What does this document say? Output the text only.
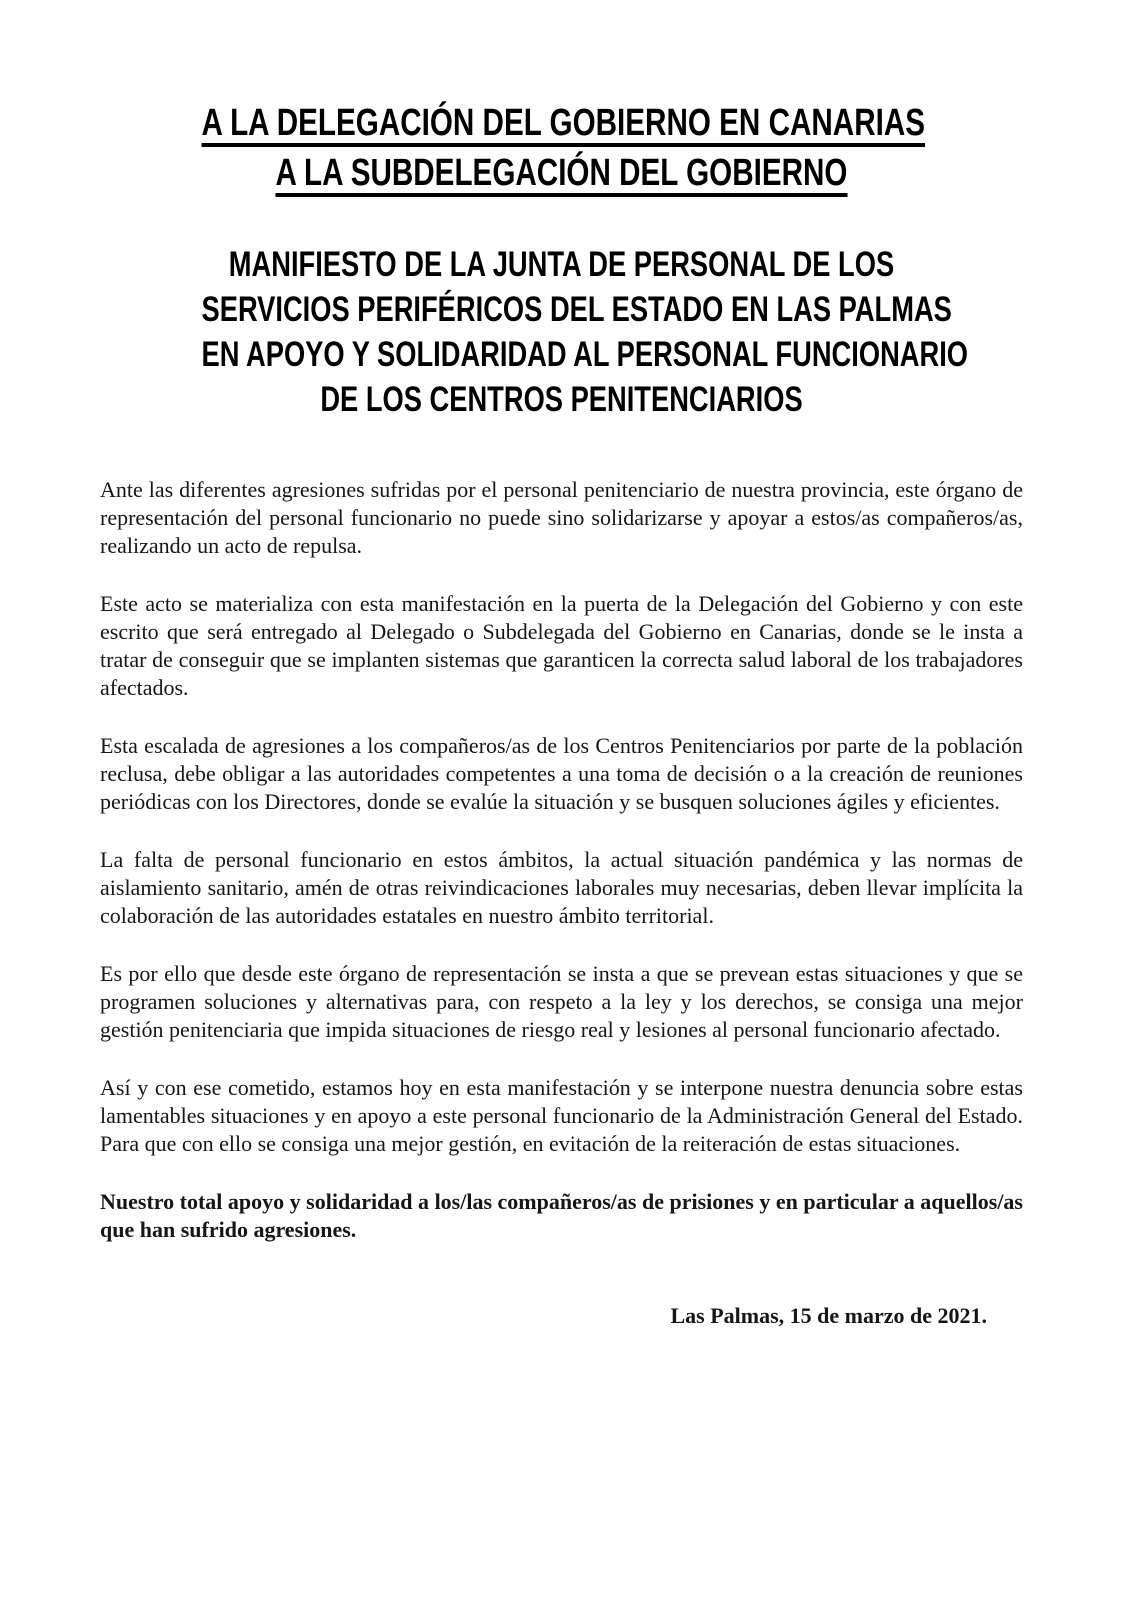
A LA DELEGACIÓN DEL GOBIERNO EN CANARIAS
A LA SUBDELEGACIÓN DEL GOBIERNO
MANIFIESTO DE LA JUNTA DE PERSONAL DE LOS
SERVICIOS PERIFÉRICOS DEL ESTADO EN LAS PALMAS
EN APOYO Y SOLIDARIDAD AL PERSONAL FUNCIONARIO
DE LOS CENTROS PENITENCIARIOS

Ante las diferentes agresiones sufridas por el personal penitenciario de nuestra provincia, este órgano de representación del personal funcionario no puede sino solidarizarse y apoyar a estos/as compañeros/as, realizando un acto de repulsa.

Este acto se materializa con esta manifestación en la puerta de la Delegación del Gobierno y con este escrito que será entregado al Delegado o Subdelegada del Gobierno en Canarias, donde se le insta a tratar de conseguir que se implanten sistemas que garanticen la correcta salud laboral de los trabajadores afectados.

Esta escalada de agresiones a los compañeros/as de los Centros Penitenciarios por parte de la población reclusa, debe obligar a las autoridades competentes a una toma de decisión o a la creación de reuniones periódicas con los Directores, donde se evalúe la situación y se busquen soluciones ágiles y eficientes.

La falta de personal funcionario en estos ámbitos, la actual situación pandémica y las normas de aislamiento sanitario, amén de otras reivindicaciones laborales muy necesarias, deben llevar implícita la colaboración de las autoridades estatales en nuestro ámbito territorial.

Es por ello que desde este órgano de representación se insta a que se prevean estas situaciones y que se programen soluciones y alternativas para, con respeto a la ley y los derechos, se consiga una mejor gestión penitenciaria que impida situaciones de riesgo real y lesiones al personal funcionario afectado.

Así y con ese cometido, estamos hoy en esta manifestación y se interpone nuestra denuncia sobre estas lamentables situaciones y en apoyo a este personal funcionario de la Administración General del Estado. Para que con ello se consiga una mejor gestión, en evitación de la reiteración de estas situaciones.

Nuestro total apoyo y solidaridad a los/las compañeros/as de prisiones y en particular a aquellos/as que han sufrido agresiones.

Las Palmas, 15 de marzo de 2021.
